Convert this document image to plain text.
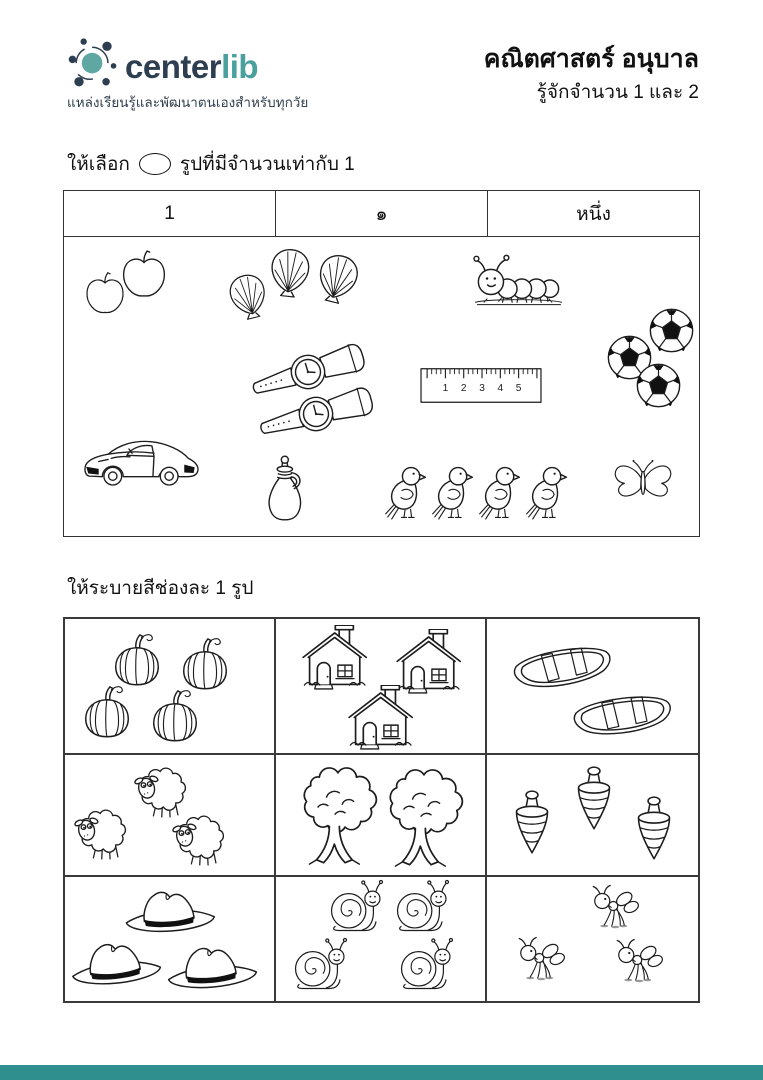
centerlib
แหล่งเรียนรู้และพัฒนาตนเองสำหรับทุกวัย
คณิตศาสตร์ อนุบาล
รู้จักจำนวน 1 และ 2
ให้เลือก	รูปที่มีจำนวนเท่ากับ 1
1	๑	หนึ่ง
ให้ระบายสีช่องละ 1 รูป
